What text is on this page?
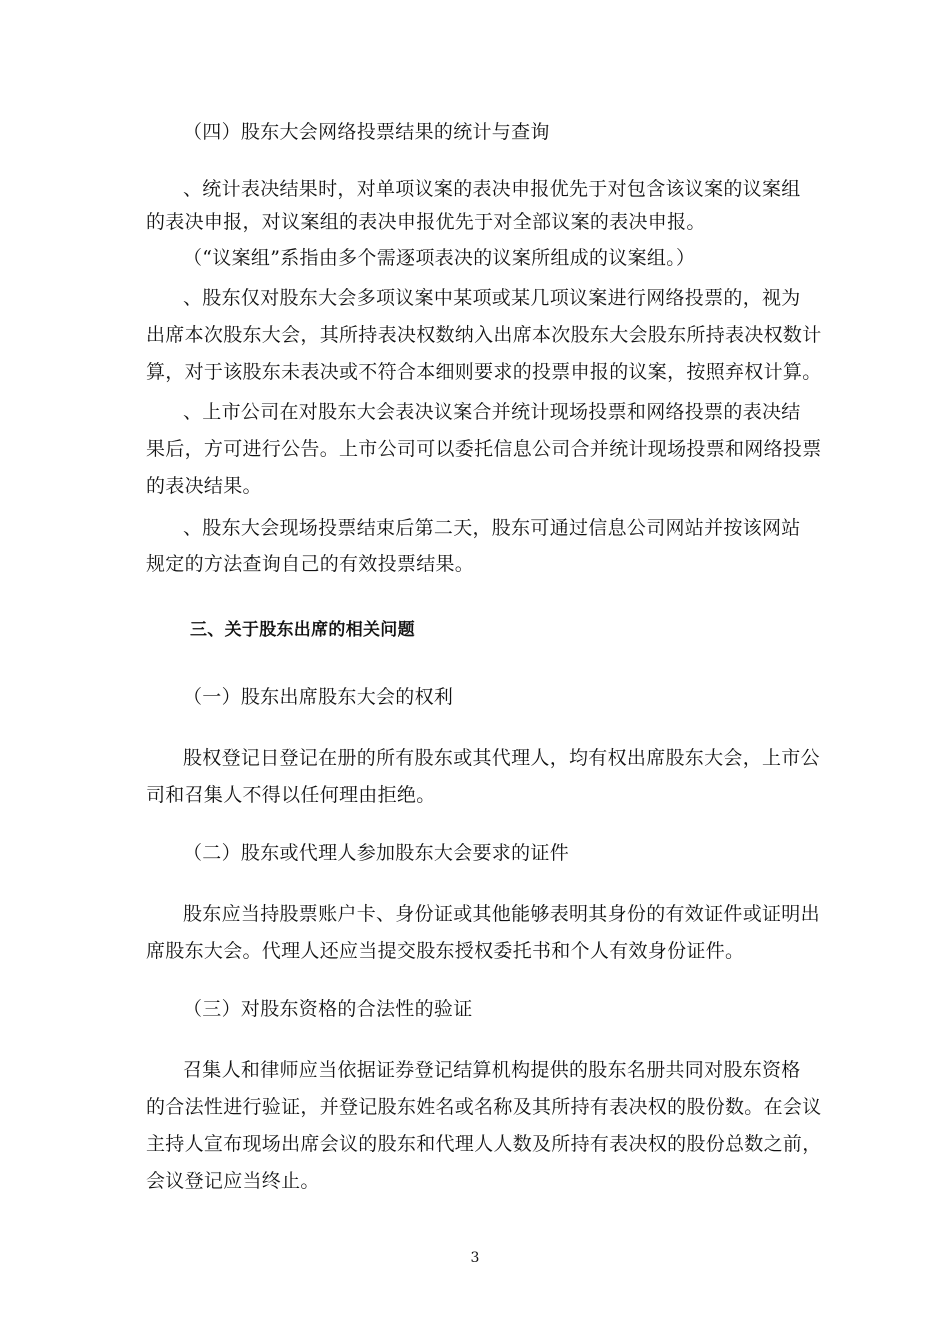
（四）股东大会网络投票结果的统计与查询
、统计表决结果时，对单项议案的表决申报优先于对包含该议案的议案组
的表决申报，对议案组的表决申报优先于对全部议案的表决申报。
（“议案组”系指由多个需逐项表决的议案所组成的议案组。）
、股东仅对股东大会多项议案中某项或某几项议案进行网络投票的，视为
出席本次股东大会，其所持表决权数纳入出席本次股东大会股东所持表决权数计
算，对于该股东未表决或不符合本细则要求的投票申报的议案，按照弃权计算。
、上市公司在对股东大会表决议案合并统计现场投票和网络投票的表决结
果后，方可进行公告。上市公司可以委托信息公司合并统计现场投票和网络投票
的表决结果。
、股东大会现场投票结束后第二天，股东可通过信息公司网站并按该网站
规定的方法查询自己的有效投票结果。
三、关于股东出席的相关问题
（一）股东出席股东大会的权利
股权登记日登记在册的所有股东或其代理人，均有权出席股东大会，上市公
司和召集人不得以任何理由拒绝。
（二）股东或代理人参加股东大会要求的证件
股东应当持股票账户卡、身份证或其他能够表明其身份的有效证件或证明出
席股东大会。代理人还应当提交股东授权委托书和个人有效身份证件。
（三）对股东资格的合法性的验证
召集人和律师应当依据证券登记结算机构提供的股东名册共同对股东资格
的合法性进行验证，并登记股东姓名或名称及其所持有表决权的股份数。在会议
主持人宣布现场出席会议的股东和代理人人数及所持有表决权的股份总数之前，
会议登记应当终止。
3
